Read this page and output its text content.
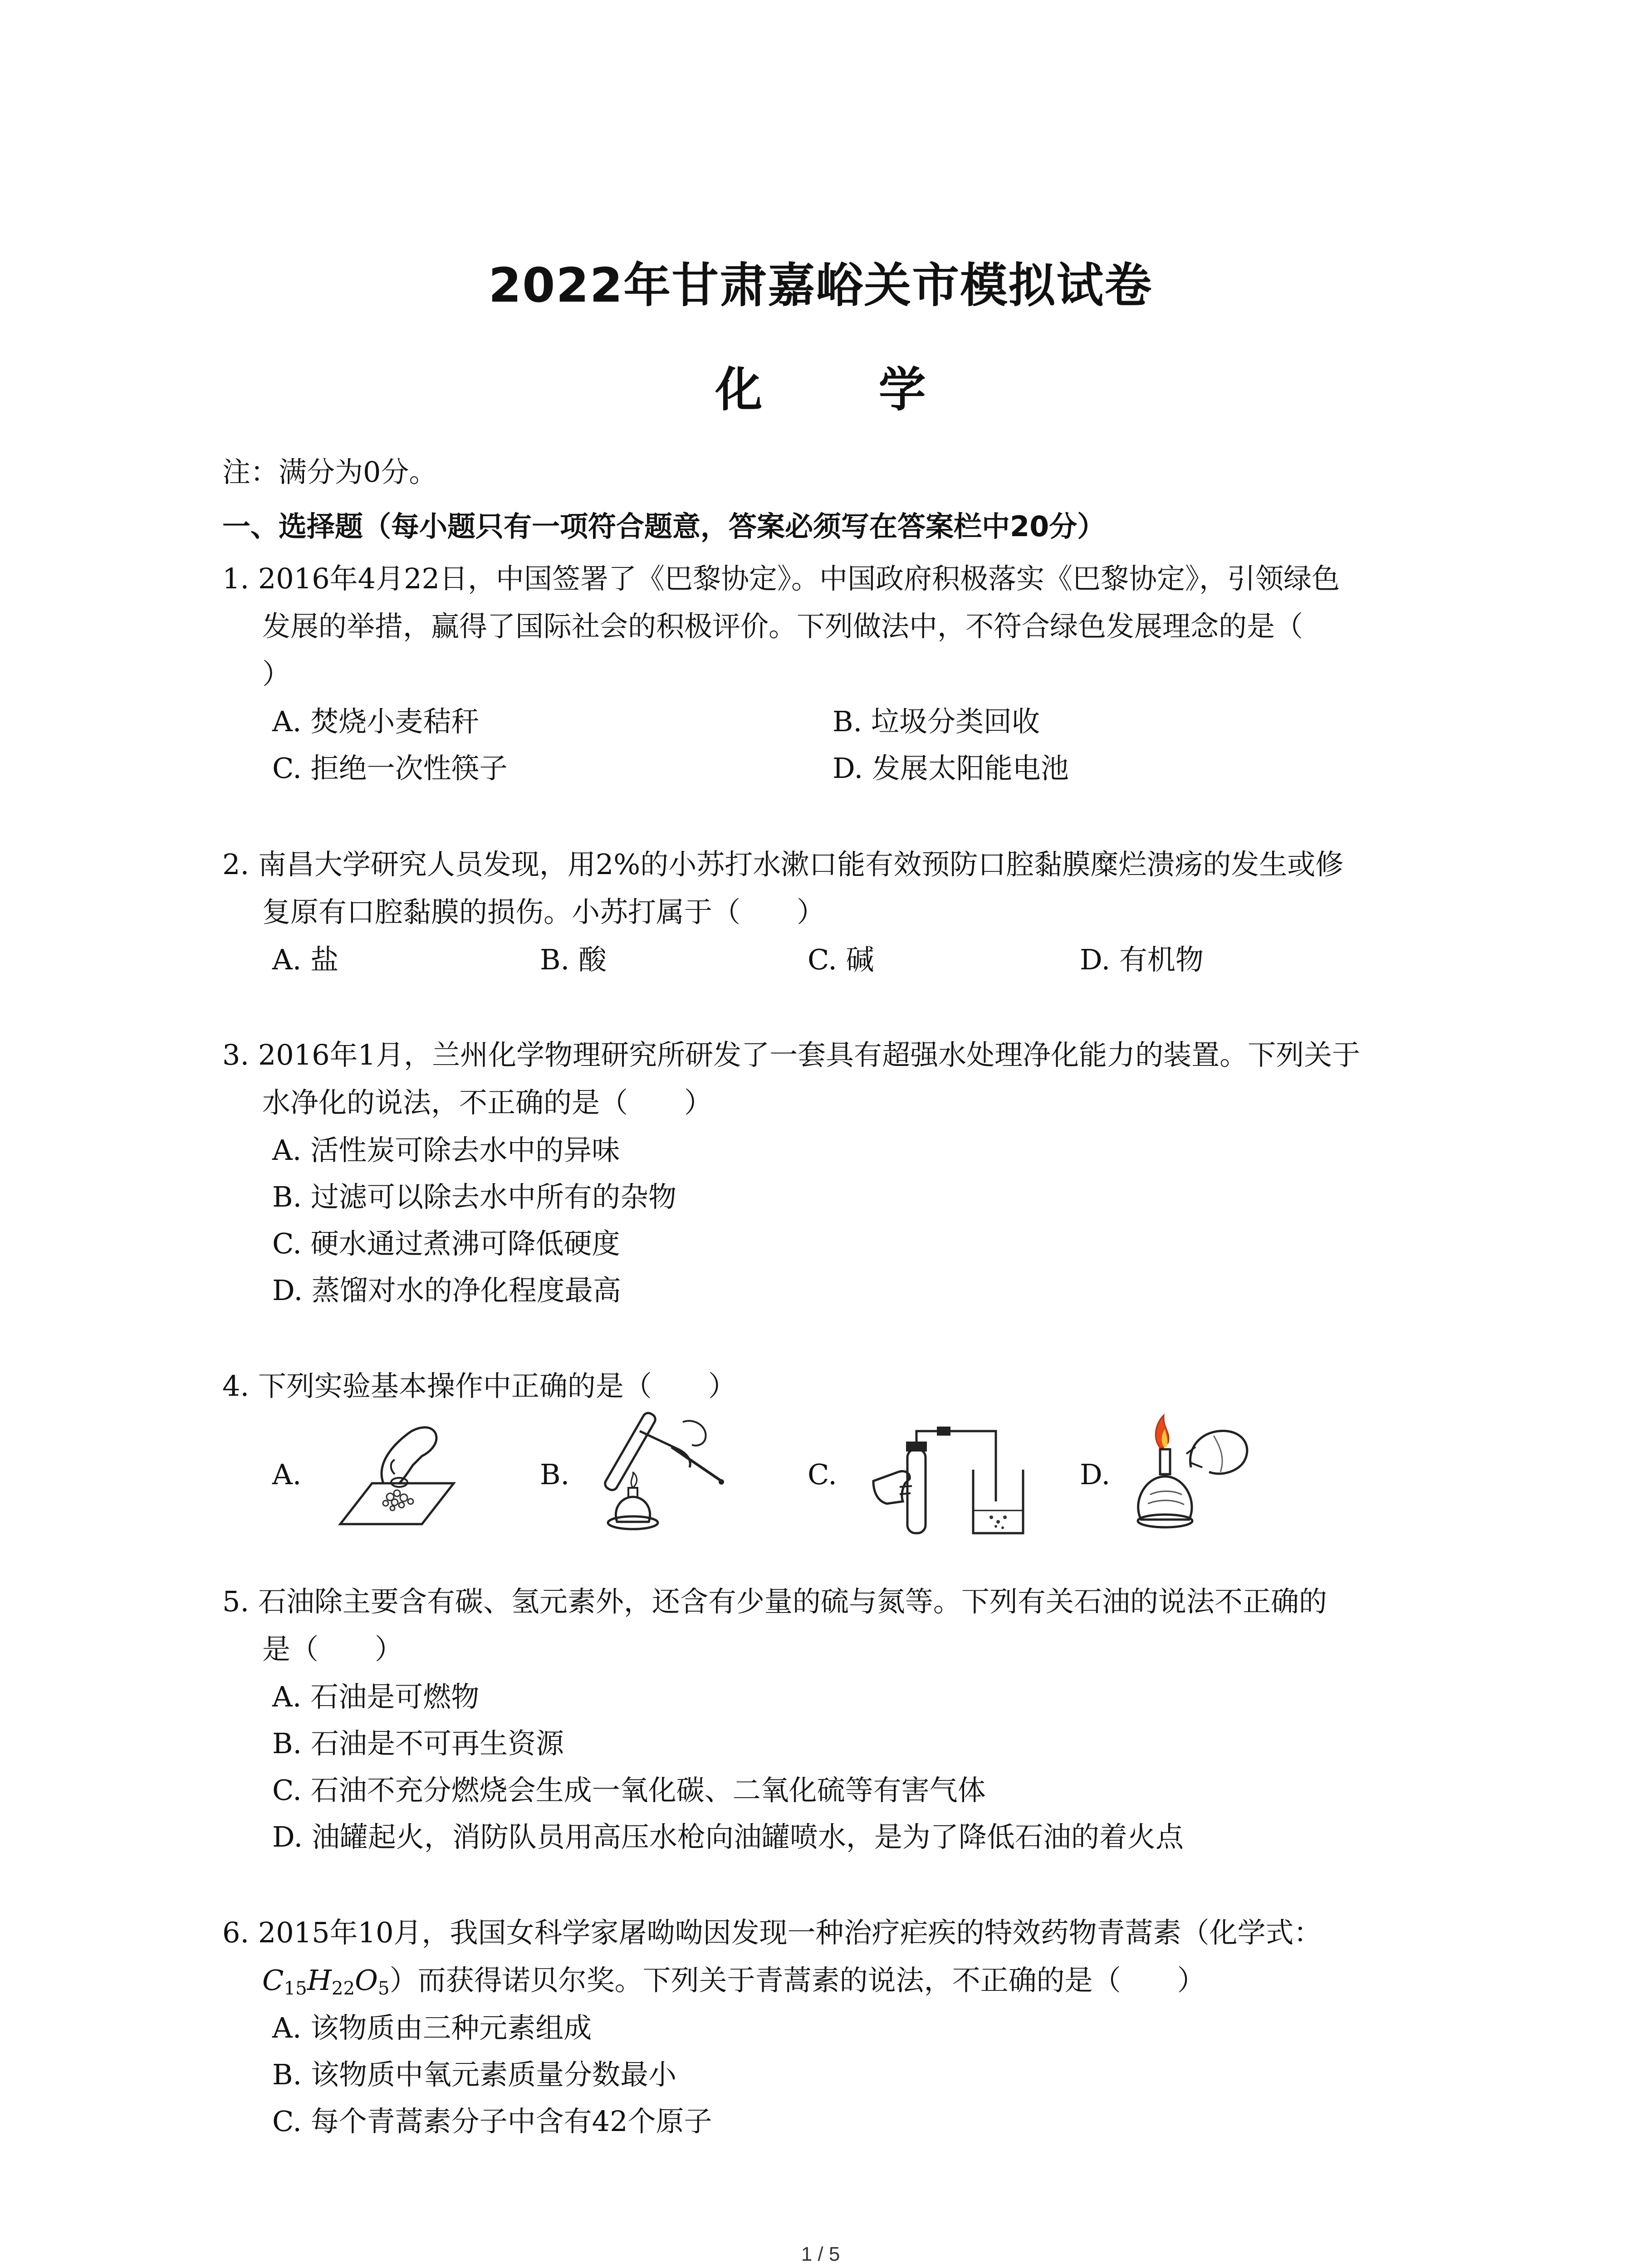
2022年甘肃嘉峪关市模拟试卷
化 学
注：满分为0分。
一、选择题（每小题只有一项符合题意，答案必须写在答案栏中20分）
1. 2016年4月22日，中国签署了《巴黎协定》。中国政府积极落实《巴黎协定》，引领绿色
发展的举措，赢得了国际社会的积极评价。下列做法中，不符合绿色发展理念的是（
）
A. 焚烧小麦秸秆	B. 垃圾分类回收
C. 拒绝一次性筷子	D. 发展太阳能电池
2. 南昌大学研究人员发现，用2%的小苏打水漱口能有效预防口腔黏膜糜烂溃疡的发生或修
复原有口腔黏膜的损伤。小苏打属于（　　）
A. 盐	B. 酸	C. 碱	D. 有机物
3. 2016年1月，兰州化学物理研究所研发了一套具有超强水处理净化能力的装置。下列关于
水净化的说法，不正确的是（　　）
A. 活性炭可除去水中的异味
B. 过滤可以除去水中所有的杂物
C. 硬水通过煮沸可降低硬度
D. 蒸馏对水的净化程度最高
4. 下列实验基本操作中正确的是（　　）
A.	B.	C.	D.
5. 石油除主要含有碳、氢元素外，还含有少量的硫与氮等。下列有关石油的说法不正确的
是（　　）
A. 石油是可燃物
B. 石油是不可再生资源
C. 石油不充分燃烧会生成一氧化碳、二氧化硫等有害气体
D. 油罐起火，消防队员用高压水枪向油罐喷水，是为了降低石油的着火点
6. 2015年10月，我国女科学家屠呦呦因发现一种治疗疟疾的特效药物青蒿素（化学式：
$C_{15}H_{22}O_5$）而获得诺贝尔奖。下列关于青蒿素的说法，不正确的是（　　）
A. 该物质由三种元素组成
B. 该物质中氧元素质量分数最小
C. 每个青蒿素分子中含有42个原子
1 / 5
